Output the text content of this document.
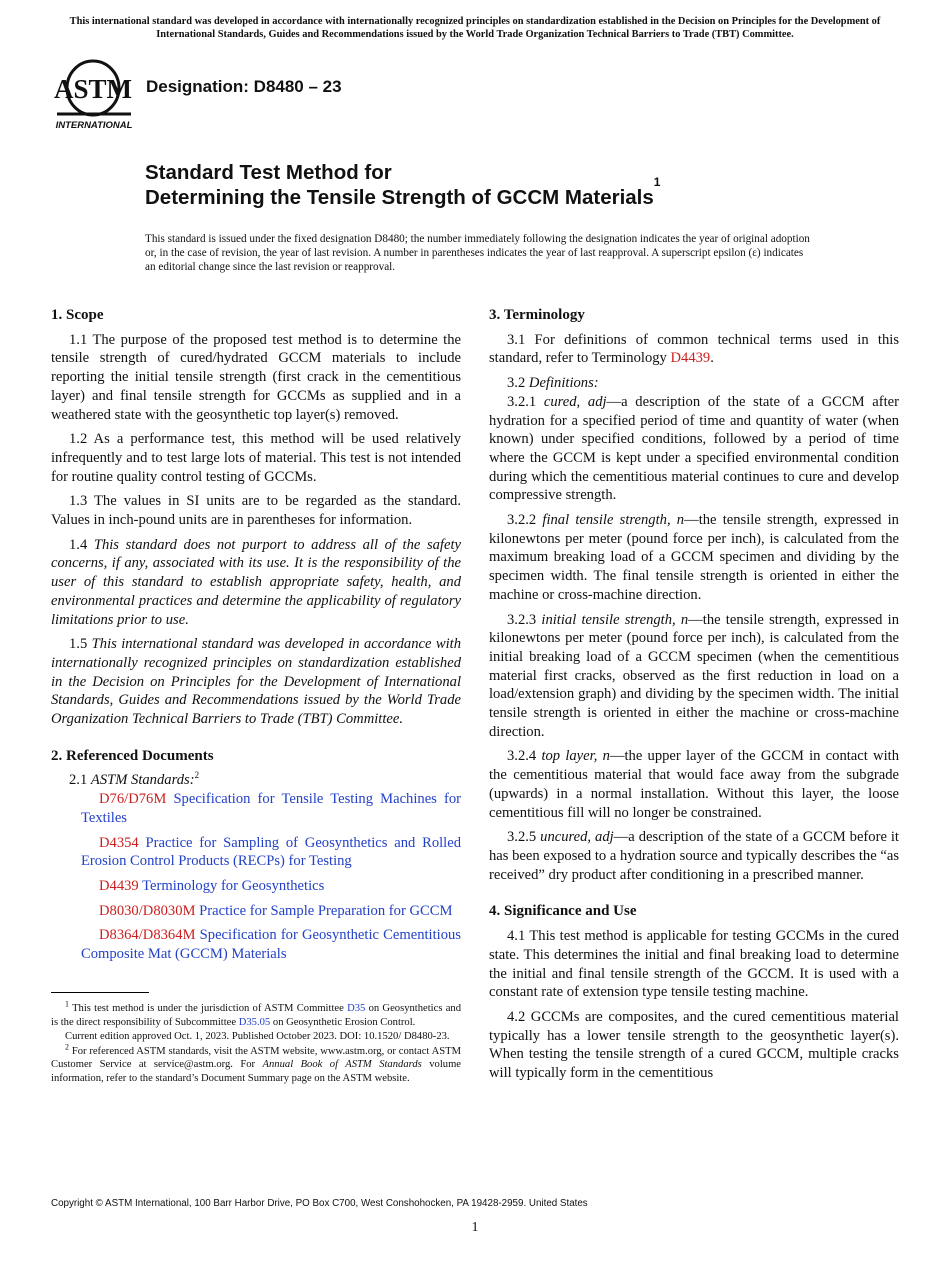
This international standard was developed in accordance with internationally recognized principles on standardization established in the Decision on Principles for the Development of International Standards, Guides and Recommendations issued by the World Trade Organization Technical Barriers to Trade (TBT) Committee.
ASTM
INTERNATIONAL
Designation: D8480 – 23
Standard Test Method for
Determining the Tensile Strength of GCCM Materials$^1$
This standard is issued under the fixed designation D8480; the number immediately following the designation indicates the year of original adoption or, in the case of revision, the year of last revision. A number in parentheses indicates the year of last reapproval. A superscript epsilon (ε) indicates an editorial change since the last revision or reapproval.
1. Scope

1.1 The purpose of the proposed test method is to determine the tensile strength of cured/hydrated GCCM materials to include reporting the initial tensile strength (first crack in the cementitious layer) and final tensile strength for GCCMs as supplied and in a weathered state with the geosynthetic top layer(s) removed.

1.2 As a performance test, this method will be used relatively infrequently and to test large lots of material. This test is not intended for routine quality control testing of GCCMs.

1.3 The values in SI units are to be regarded as the standard. Values in inch-pound units are in parentheses for information.

1.4 This standard does not purport to address all of the safety concerns, if any, associated with its use. It is the responsibility of the user of this standard to establish appropriate safety, health, and environmental practices and determine the applicability of regulatory limitations prior to use.

1.5 This international standard was developed in accordance with internationally recognized principles on standardization established in the Decision on Principles for the Development of International Standards, Guides and Recommendations issued by the World Trade Organization Technical Barriers to Trade (TBT) Committee.

2. Referenced Documents

2.1 ASTM Standards:$^2$

D76/D76M Specification for Tensile Testing Machines for Textiles

D4354 Practice for Sampling of Geosynthetics and Rolled Erosion Control Products (RECPs) for Testing

D4439 Terminology for Geosynthetics

D8030/D8030M Practice for Sample Preparation for GCCM

D8364/D8364M Specification for Geosynthetic Cementitious Composite Mat (GCCM) Materials

$^1$ This test method is under the jurisdiction of ASTM Committee D35 on Geosynthetics and is the direct responsibility of Subcommittee D35.05 on Geosynthetic Erosion Control.

Current edition approved Oct. 1, 2023. Published October 2023. DOI: 10.1520/ D8480-23.

$^2$ For referenced ASTM standards, visit the ASTM website, www.astm.org, or contact ASTM Customer Service at service@astm.org. For Annual Book of ASTM Standards volume information, refer to the standard’s Document Summary page on the ASTM website.

3. Terminology

3.1 For definitions of common technical terms used in this standard, refer to Terminology D4439.

3.2 Definitions:

3.2.1 cured, adj—a description of the state of a GCCM after hydration for a specified period of time and quantity of water (when known) under specified conditions, followed by a period of time where the GCCM is kept under a specified environmental condition during which the cementitious material continues to cure and develop compressive strength.

3.2.2 final tensile strength, n—the tensile strength, expressed in kilonewtons per meter (pound force per inch), is calculated from the maximum breaking load of a GCCM specimen and dividing by the specimen width. The final tensile strength is oriented in either the machine or cross-machine direction.

3.2.3 initial tensile strength, n—the tensile strength, expressed in kilonewtons per meter (pound force per inch), is calculated from the initial breaking load of a GCCM specimen (when the cementitious material first cracks, observed as the first reduction in load on a load/extension graph) and dividing by the specimen width. The initial tensile strength is oriented in either the machine or cross-machine direction.

3.2.4 top layer, n—the upper layer of the GCCM in contact with the cementitious material that would face away from the subgrade (upwards) in a normal installation. Without this layer, the loose cementitious fill will no longer be constrained.

3.2.5 uncured, adj—a description of the state of a GCCM before it has been exposed to a hydration source and typically describes the “as received” dry product after conditioning in a prescribed manner.

4. Significance and Use

4.1 This test method is applicable for testing GCCMs in the cured state. This determines the initial and final breaking load to determine the initial and final tensile strength of the GCCM. It is used with a constant rate of extension type tensile testing machine.

4.2 GCCMs are composites, and the cured cementitious material typically has a lower tensile strength to the geosynthetic layer(s). When testing the tensile strength of a cured GCCM, multiple cracks will typically form in the cementitious

Copyright © ASTM International, 100 Barr Harbor Drive, PO Box C700, West Conshohocken, PA 19428-2959. United States
1
